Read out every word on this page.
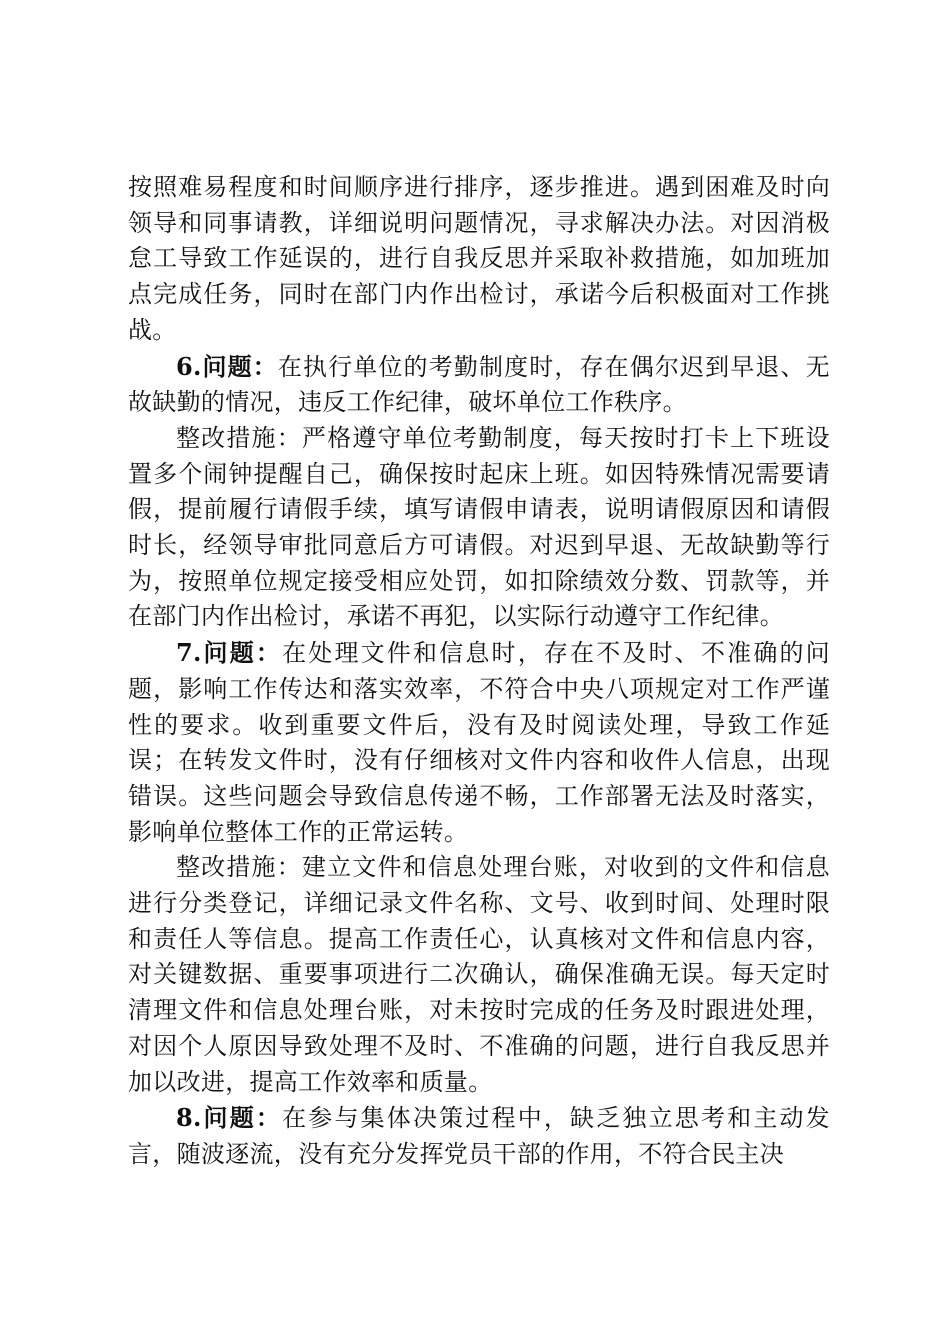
按照难易程度和时间顺序进行排序，逐步推进。遇到困难及时向领导和同事请教，详细说明问题情况，寻求解决办法。对因消极怠工导致工作延误的，进行自我反思并采取补救措施，如加班加点完成任务，同时在部门内作出检讨，承诺今后积极面对工作挑战。

6.问题：在执行单位的考勤制度时，存在偶尔迟到早退、无故缺勤的情况，违反工作纪律，破坏单位工作秩序。

整改措施：严格遵守单位考勤制度，每天按时打卡上下班设置多个闹钟提醒自己，确保按时起床上班。如因特殊情况需要请假，提前履行请假手续，填写请假申请表，说明请假原因和请假时长，经领导审批同意后方可请假。对迟到早退、无故缺勤等行为，按照单位规定接受相应处罚，如扣除绩效分数、罚款等，并在部门内作出检讨，承诺不再犯，以实际行动遵守工作纪律。

7.问题：在处理文件和信息时，存在不及时、不准确的问题，影响工作传达和落实效率，不符合中央八项规定对工作严谨性的要求。收到重要文件后，没有及时阅读处理，导致工作延误；在转发文件时，没有仔细核对文件内容和收件人信息，出现错误。这些问题会导致信息传递不畅，工作部署无法及时落实，影响单位整体工作的正常运转。

整改措施：建立文件和信息处理台账，对收到的文件和信息进行分类登记，详细记录文件名称、文号、收到时间、处理时限和责任人等信息。提高工作责任心，认真核对文件和信息内容，对关键数据、重要事项进行二次确认，确保准确无误。每天定时清理文件和信息处理台账，对未按时完成的任务及时跟进处理，对因个人原因导致处理不及时、不准确的问题，进行自我反思并加以改进，提高工作效率和质量。

8.问题：在参与集体决策过程中，缺乏独立思考和主动发言，随波逐流，没有充分发挥党员干部的作用，不符合民主决
